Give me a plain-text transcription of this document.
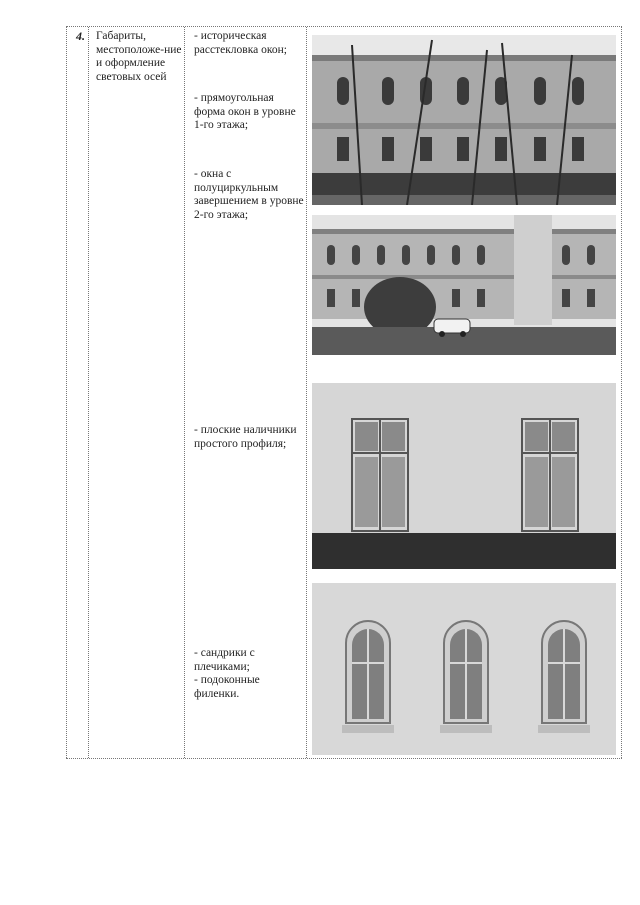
4. Габариты, местоположе-ние и оформление световых осей
- историческая расстекловка окон;
- прямоугольная форма окон в уровне 1-го этажа;
- окна с полуциркульным завершением в уровне 2-го этажа;
- плоские наличники простого профиля;
- сандрики с плечиками;
- подоконные филенки.
